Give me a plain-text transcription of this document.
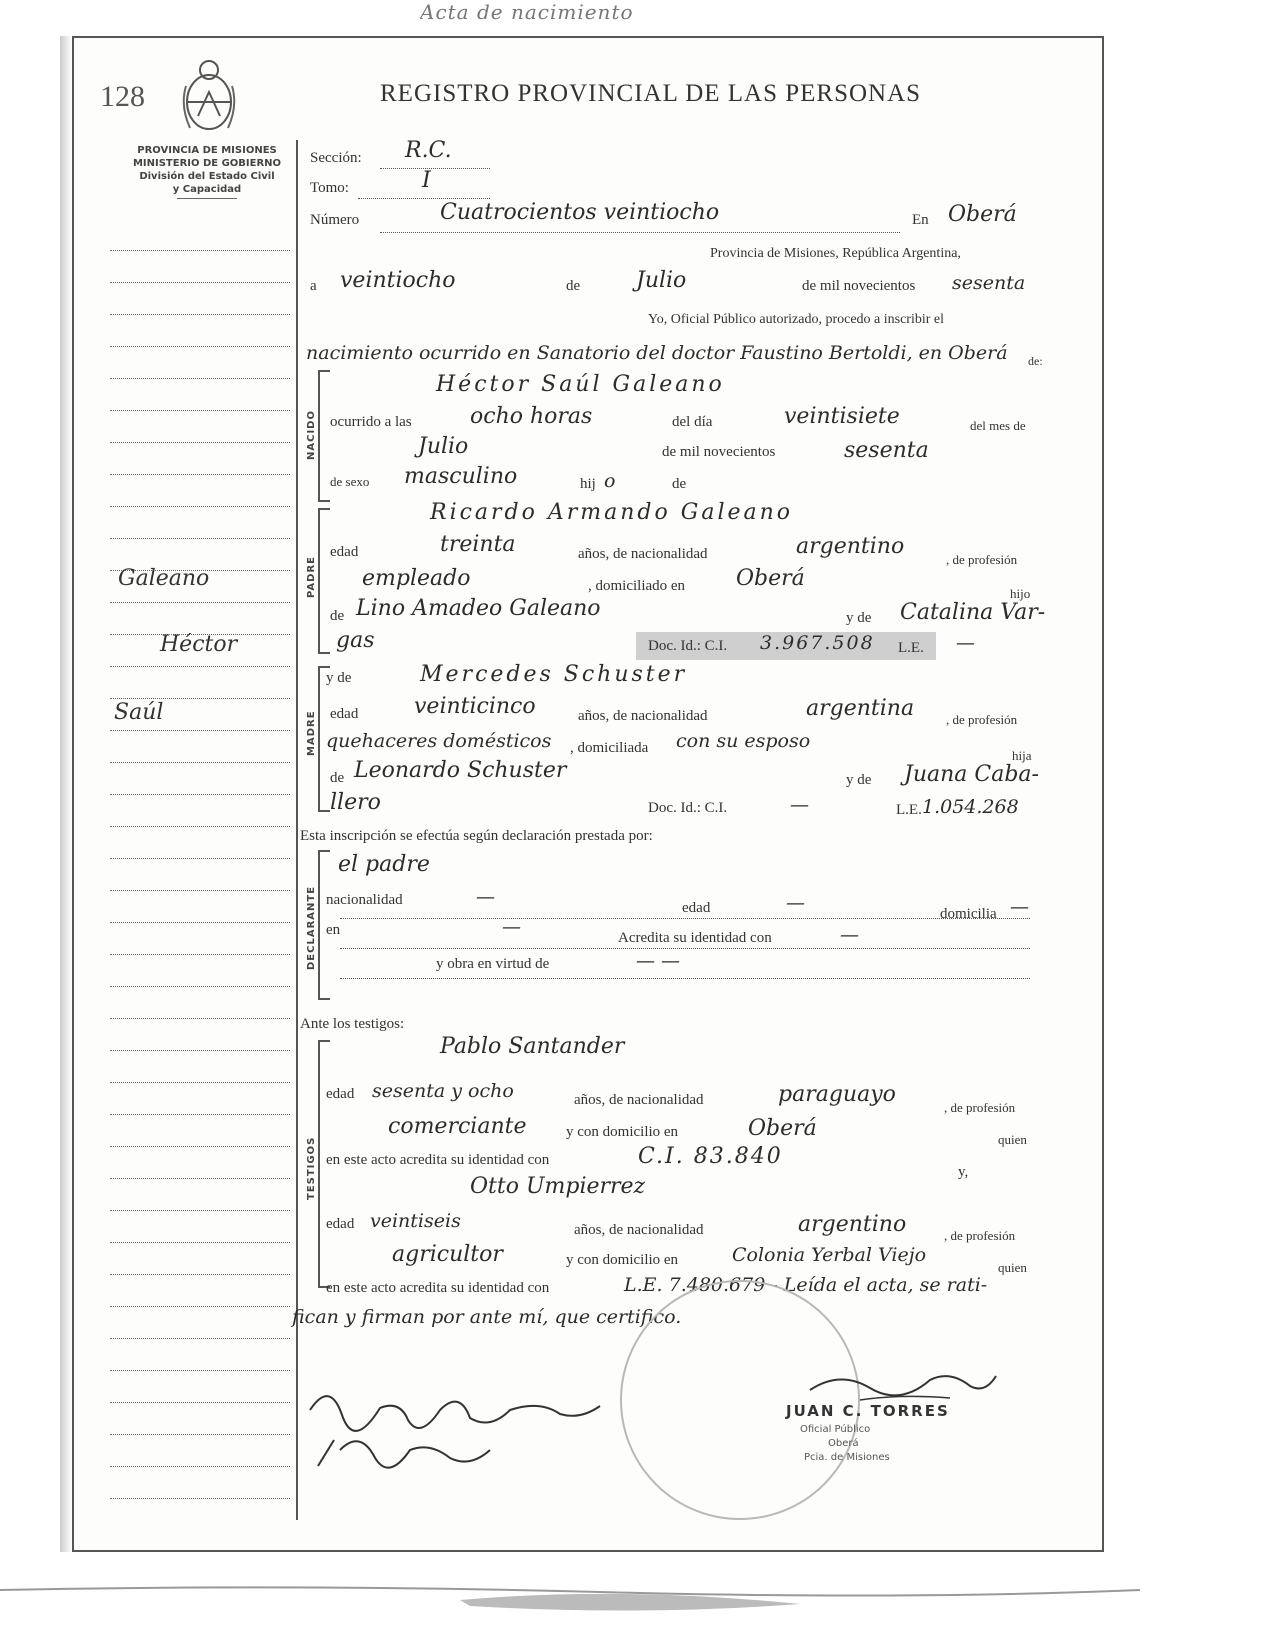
Acta de nacimiento
128	REGISTRO PROVINCIAL DE LAS PERSONAS
PROVINCIA DE MISIONES
MINISTERIO DE GOBIERNO
División del Estado Civil
y Capacidad
Galeano
Héctor
Saúl
Sección: R.C.
Tomo:	I
Número	Cuatrocientos veintiocho	En Oberá
Provincia de Misiones, República Argentina,
a veintiocho	de	Julio	de mil novecientos sesenta
Yo, Oficial Público autorizado, procedo a inscribir el
nacimiento ocurrido en Sanatorio del doctor Faustino Bertoldi, en Oberá de:
NACIDO
Héctor Saúl Galeano
ocurrido a las	ocho horas	del día	veintisiete	del mes de
Julio	de mil novecientos	sesenta
de sexo masculino	hij o	de
PADRE
Ricardo Armando Galeano
edad	treinta	años, de nacionalidad	argentino
, de profesión
empleado	, domiciliado en Oberá
hijo
de Lino Amadeo Galeano	y de Catalina Var-
gas	Doc. Id.: C.I. 3.967.508 L.E. —
MADRE
y de	Mercedes Schuster
edad	veinticinco	años, de nacionalidad	argentina , de profesión
quehaceres domésticos , domiciliada con su esposo
hija
de Leonardo Schuster	y de Juana Caba-
llero	Doc. Id.: C.I.	—	L.E. 1.054.268
Esta inscripción se efectúa según declaración prestada por:
DECLARANTE
el padre
nacionalidad	—	edad	—	domicilia —
en	—	Acredita su identidad con	—
y obra en virtud de	— —
Ante los testigos:
TESTIGOS
Pablo Santander
edad sesenta y ocho	años, de nacionalidad	paraguayo
, de profesión
comerciante	y con domicilio en	Oberá	quien
en este acto acredita su identidad con	C.I. 83.840
y,
Otto Umpierrez
edad veintiseis	años, de nacionalidad	argentino	, de profesión
agricultor	y con domicilio en	Colonia Yerbal Viejo
quien
en este acto acredita su identidad con	L.E. 7.480.679 - Leída el acta, se rati-
fican y firman por ante mí, que certifico.
JUAN C. TORRES
Oficial Público
Oberá
Pcia. de Misiones
